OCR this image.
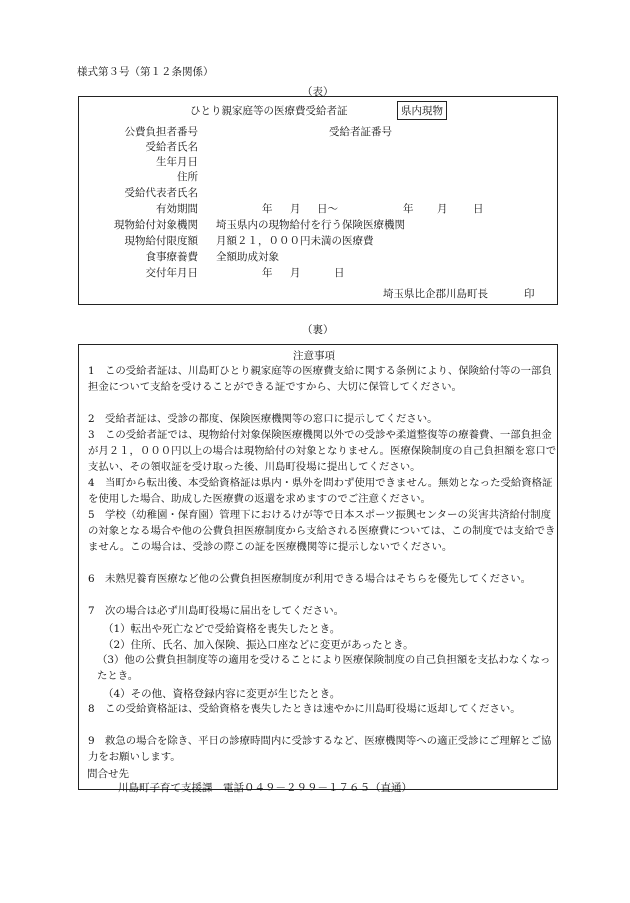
様式第３号（第１２条関係）
（表）
ひとり親家庭等の医療費受給者証	県内現物
公費負担者番号	受給者証番号
受給者氏名
生年月日
住所
受給代表者氏名
有効期間	年 月 日〜	年 月 日
現物給付対象機関 埼玉県内の現物給付を行う保険医療機関
現物給付限度額 月額２１，０００円未満の医療費
食事療養費 全額助成対象
交付年月日	年 月	日
埼玉県比企郡川島町長	印
（裏）
注意事項
1　この受給者証は、川島町ひとり親家庭等の医療費支給に関する条例により、保険給付等の一部負担金について支給を受けることができる証ですから、大切に保管してください。
2　受給者証は、受診の都度、保険医療機関等の窓口に提示してください。
3　この受給者証では、現物給付対象保険医療機関以外での受診や柔道整復等の療養費、一部負担金が月２１，０００円以上の場合は現物給付の対象となりません。医療保険制度の自己負担額を窓口で支払い、その領収証を受け取った後、川島町役場に提出してください。
4　当町から転出後、本受給資格証は県内・県外を問わず使用できません。無効となった受給資格証を使用した場合、助成した医療費の返還を求めますのでご注意ください。
5　学校（幼稚園・保育園）管理下におけるけが等で日本スポーツ振興センターの災害共済給付制度の対象となる場合や他の公費負担医療制度から支給される医療費については、この制度では支給できません。この場合は、受診の際この証を医療機関等に提示しないでください。
6　未熟児養育医療など他の公費負担医療制度が利用できる場合はそちらを優先してください。
7　次の場合は必ず川島町役場に届出をしてください。
（1）転出や死亡などで受給資格を喪失したとき。
（2）住所、氏名、加入保険、振込口座などに変更があったとき。
（3）他の公費負担制度等の適用を受けることにより医療保険制度の自己負担額を支払わなくなったとき。
（4）その他、資格登録内容に変更が生じたとき。
8　この受給資格証は、受給資格を喪失したときは速やかに川島町役場に返却してください。
9　救急の場合を除き、平日の診療時間内に受診するなど、医療機関等への適正受診にご理解とご協力をお願いします。
問合せ先
川島町子育て支援課　電話０４９－２９９－１７６５（直通）
